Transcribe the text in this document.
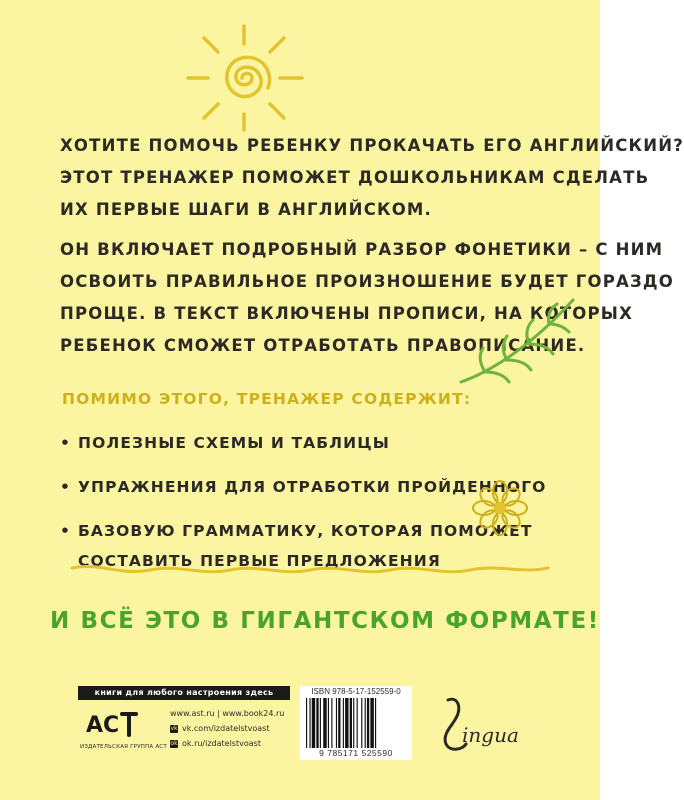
ХОТИТЕ ПОМОЧЬ РЕБЕНКУ ПРОКАЧАТЬ ЕГО АНГЛИЙСКИЙ?
ЭТОТ ТРЕНАЖЕР ПОМОЖЕТ ДОШКОЛЬНИКАМ СДЕЛАТЬ
ИХ ПЕРВЫЕ ШАГИ В АНГЛИЙСКОМ.
ОН ВКЛЮЧАЕТ ПОДРОБНЫЙ РАЗБОР ФОНЕТИКИ – С НИМ
ОСВОИТЬ ПРАВИЛЬНОЕ ПРОИЗНОШЕНИЕ БУДЕТ ГОРАЗДО
ПРОЩЕ. В ТЕКСТ ВКЛЮЧЕНЫ ПРОПИСИ, НА КОТОРЫХ
РЕБЕНОК СМОЖЕТ ОТРАБОТАТЬ ПРАВОПИСАНИЕ.
ПОМИМО ЭТОГО, ТРЕНАЖЕР СОДЕРЖИТ:
• ПОЛЕЗНЫЕ СХЕМЫ И ТАБЛИЦЫ
• УПРАЖНЕНИЯ ДЛЯ ОТРАБОТКИ ПРОЙДЕННОГО
• БАЗОВУЮ ГРАММАТИКУ, КОТОРАЯ ПОМОЖЕТ
СОСТАВИТЬ ПЕРВЫЕ ПРЕДЛОЖЕНИЯ
И ВСЁ ЭТО В ГИГАНТСКОМ ФОРМАТЕ!
книги для любого настроения здесь
АС
ИЗДАТЕЛЬСКАЯ ГРУППА АСТ
www.ast.ru | www.book24.ru
vk vk.com/izdatelstvoast
ok ok.ru/izdatelstvoast
ISBN 978-5-17-152559-0
9 785171 525590
ingua
